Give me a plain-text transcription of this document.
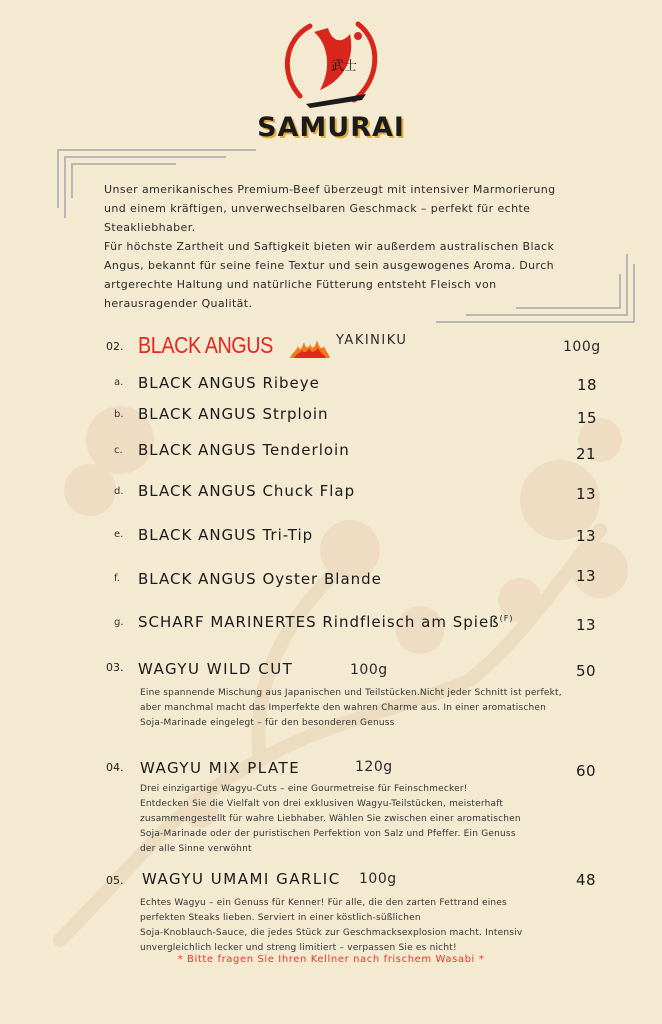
武士
SAMURAI

Unser amerikanisches Premium-Beef überzeugt mit intensiver Marmorierung

und einem kräftigen, unverwechselbaren Geschmack – perfekt für echte

Steakliebhaber.

Für höchste Zartheit und Saftigkeit bieten wir außerdem australischen Black

Angus, bekannt für seine feine Textur und sein ausgewogenes Aroma. Durch

artgerechte Haltung und natürliche Fütterung entsteht Fleisch von

herausragender Qualität.

02. BLACK ANGUS	YAKINIKU	100g
a. BLACK ANGUS Ribeye	18
b. BLACK ANGUS Strploin	15
c. BLACK ANGUS Tenderloin	21
d. BLACK ANGUS Chuck Flap	13
e. BLACK ANGUS Tri-Tip	13
f. BLACK ANGUS Oyster Blande	13
g. SCHARF MARINERTES Rindfleisch am Spieß$^{(F)}$	13
03. WAGYU WILD CUT	100g	50

Eine spannende Mischung aus Japanischen und Teilstücken.Nicht jeder Schnitt ist perfekt,

aber manchmal macht das Imperfekte den wahren Charme aus. In einer aromatischen

Soja-Marinade eingelegt – für den besonderen Genuss

04. WAGYU MIX PLATE	120g	60

Drei einzigartige Wagyu-Cuts – eine Gourmetreise für Feinschmecker!

Entdecken Sie die Vielfalt von drei exklusiven Wagyu-Teilstücken, meisterhaft

zusammengestellt für wahre Liebhaber. Wählen Sie zwischen einer aromatischen

Soja-Marinade oder der puristischen Perfektion von Salz und Pfeffer. Ein Genuss

der alle Sinne verwöhnt

05. WAGYU UMAMI GARLIC 100g	48

Echtes Wagyu – ein Genuss für Kenner! Für alle, die den zarten Fettrand eines

perfekten Steaks lieben. Serviert in einer köstlich-süßlichen

Soja-Knoblauch-Sauce, die jedes Stück zur Geschmacksexplosion macht. Intensiv

unvergleichlich lecker und streng limitiert – verpassen Sie es nicht!

* Bitte fragen Sie Ihren Kellner nach frischem Wasabi *
